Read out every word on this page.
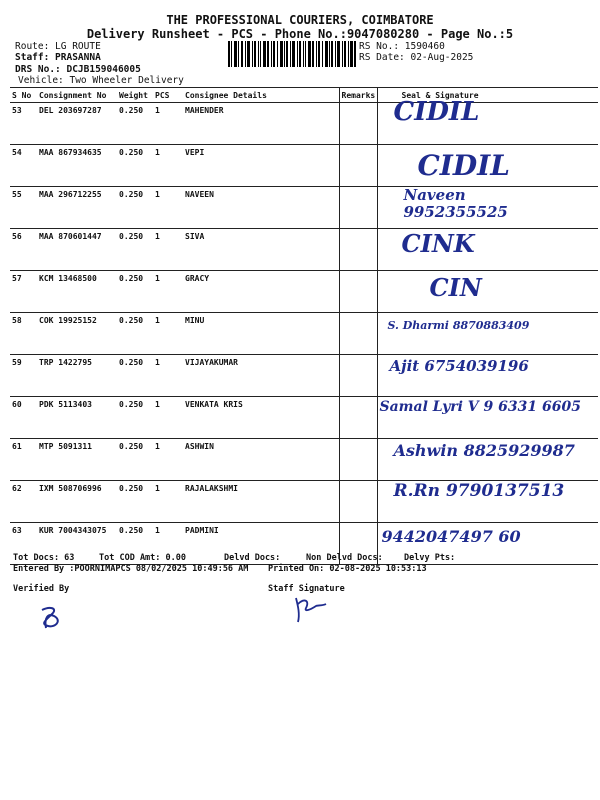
THE PROFESSIONAL COURIERS, COIMBATORE
Delivery Runsheet - PCS - Phone No.:9047080280 - Page No.:5
Route: LG ROUTE
Staff: PRASANNA
DRS No.: DCJB159046005
Vehicle: Two Wheeler Delivery
RS No.: 1590460
RS Date: 02-Aug-2025
S No	Consignment No	Weight	PCS	Consignee Details	Remarks	Seal & Signature
53	DEL 203697287	0.250	1	MAHENDER		CIDIL

54	MAA 867934635	0.250	1	VEPI		CIDIL

55	MAA 296712255	0.250	1	NAVEEN		Naveen 9952355525

56	MAA 870601447	0.250	1	SIVA		CINK

57	KCM 13468500	0.250	1	GRACY		CIN

58	COK 19925152	0.250	1	MINU		S. Dharmi 8870883409

59	TRP 1422795	0.250	1	VIJAYAKUMAR		Ajit 6754039196

60	PDK 5113403	0.250	1	VENKATA KRIS		Samal Lyri V 9 6331 6605

61	MTP 5091311	0.250	1	ASHWIN		Ashwin 8825929987

62	IXM 508706996	0.250	1	RAJALAKSHMI		R.Rn 9790137513

63	KUR 7004343075	0.250	1	PADMINI		9442047497 60
Tot Docs: 63	Tot COD Amt: 0.00	Delvd Docs:	Non Delvd Docs: Delvy Pts:
Entered By :POORNIMAPCS 08/02/2025 10:49:56 AM Printed On: 02-08-2025 10:53:13
Verified By	Staff Signature
